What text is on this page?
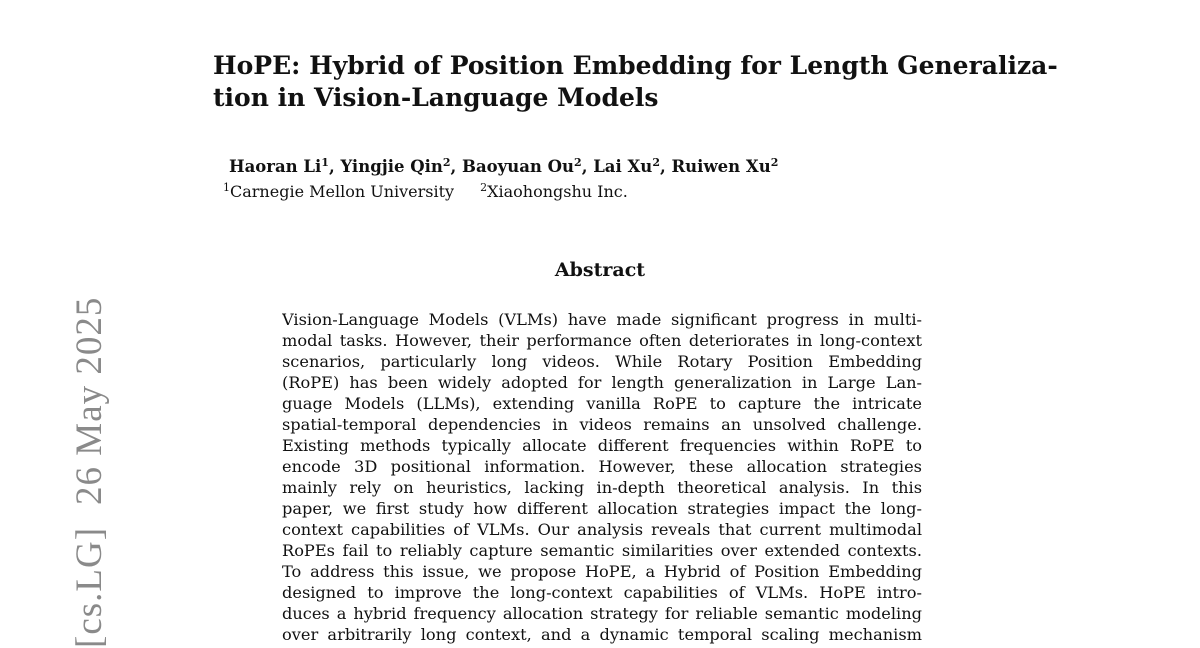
[cs.LG]26 May 2025
HoPE: Hybrid of Position Embedding for Length Generaliza-
tion in Vision-Language Models
Haoran Li$^1$, Yingjie Qin$^2$, Baoyuan Ou$^2$, Lai Xu$^2$, Ruiwen Xu$^2$
$^1$Carnegie Mellon University $^2$Xiaohongshu Inc.
Abstract
Vision-Language Models (VLMs) have made significant progress in multi-
modal tasks. However, their performance often deteriorates in long-context
scenarios, particularly long videos. While Rotary Position Embedding
(RoPE) has been widely adopted for length generalization in Large Lan-
guage Models (LLMs), extending vanilla RoPE to capture the intricate
spatial-temporal dependencies in videos remains an unsolved challenge.
Existing methods typically allocate different frequencies within RoPE to
encode 3D positional information. However, these allocation strategies
mainly rely on heuristics, lacking in-depth theoretical analysis. In this
paper, we first study how different allocation strategies impact the long-
context capabilities of VLMs. Our analysis reveals that current multimodal
RoPEs fail to reliably capture semantic similarities over extended contexts.
To address this issue, we propose HoPE, a Hybrid of Position Embedding
designed to improve the long-context capabilities of VLMs. HoPE intro-
duces a hybrid frequency allocation strategy for reliable semantic modeling
over arbitrarily long context, and a dynamic temporal scaling mechanism
